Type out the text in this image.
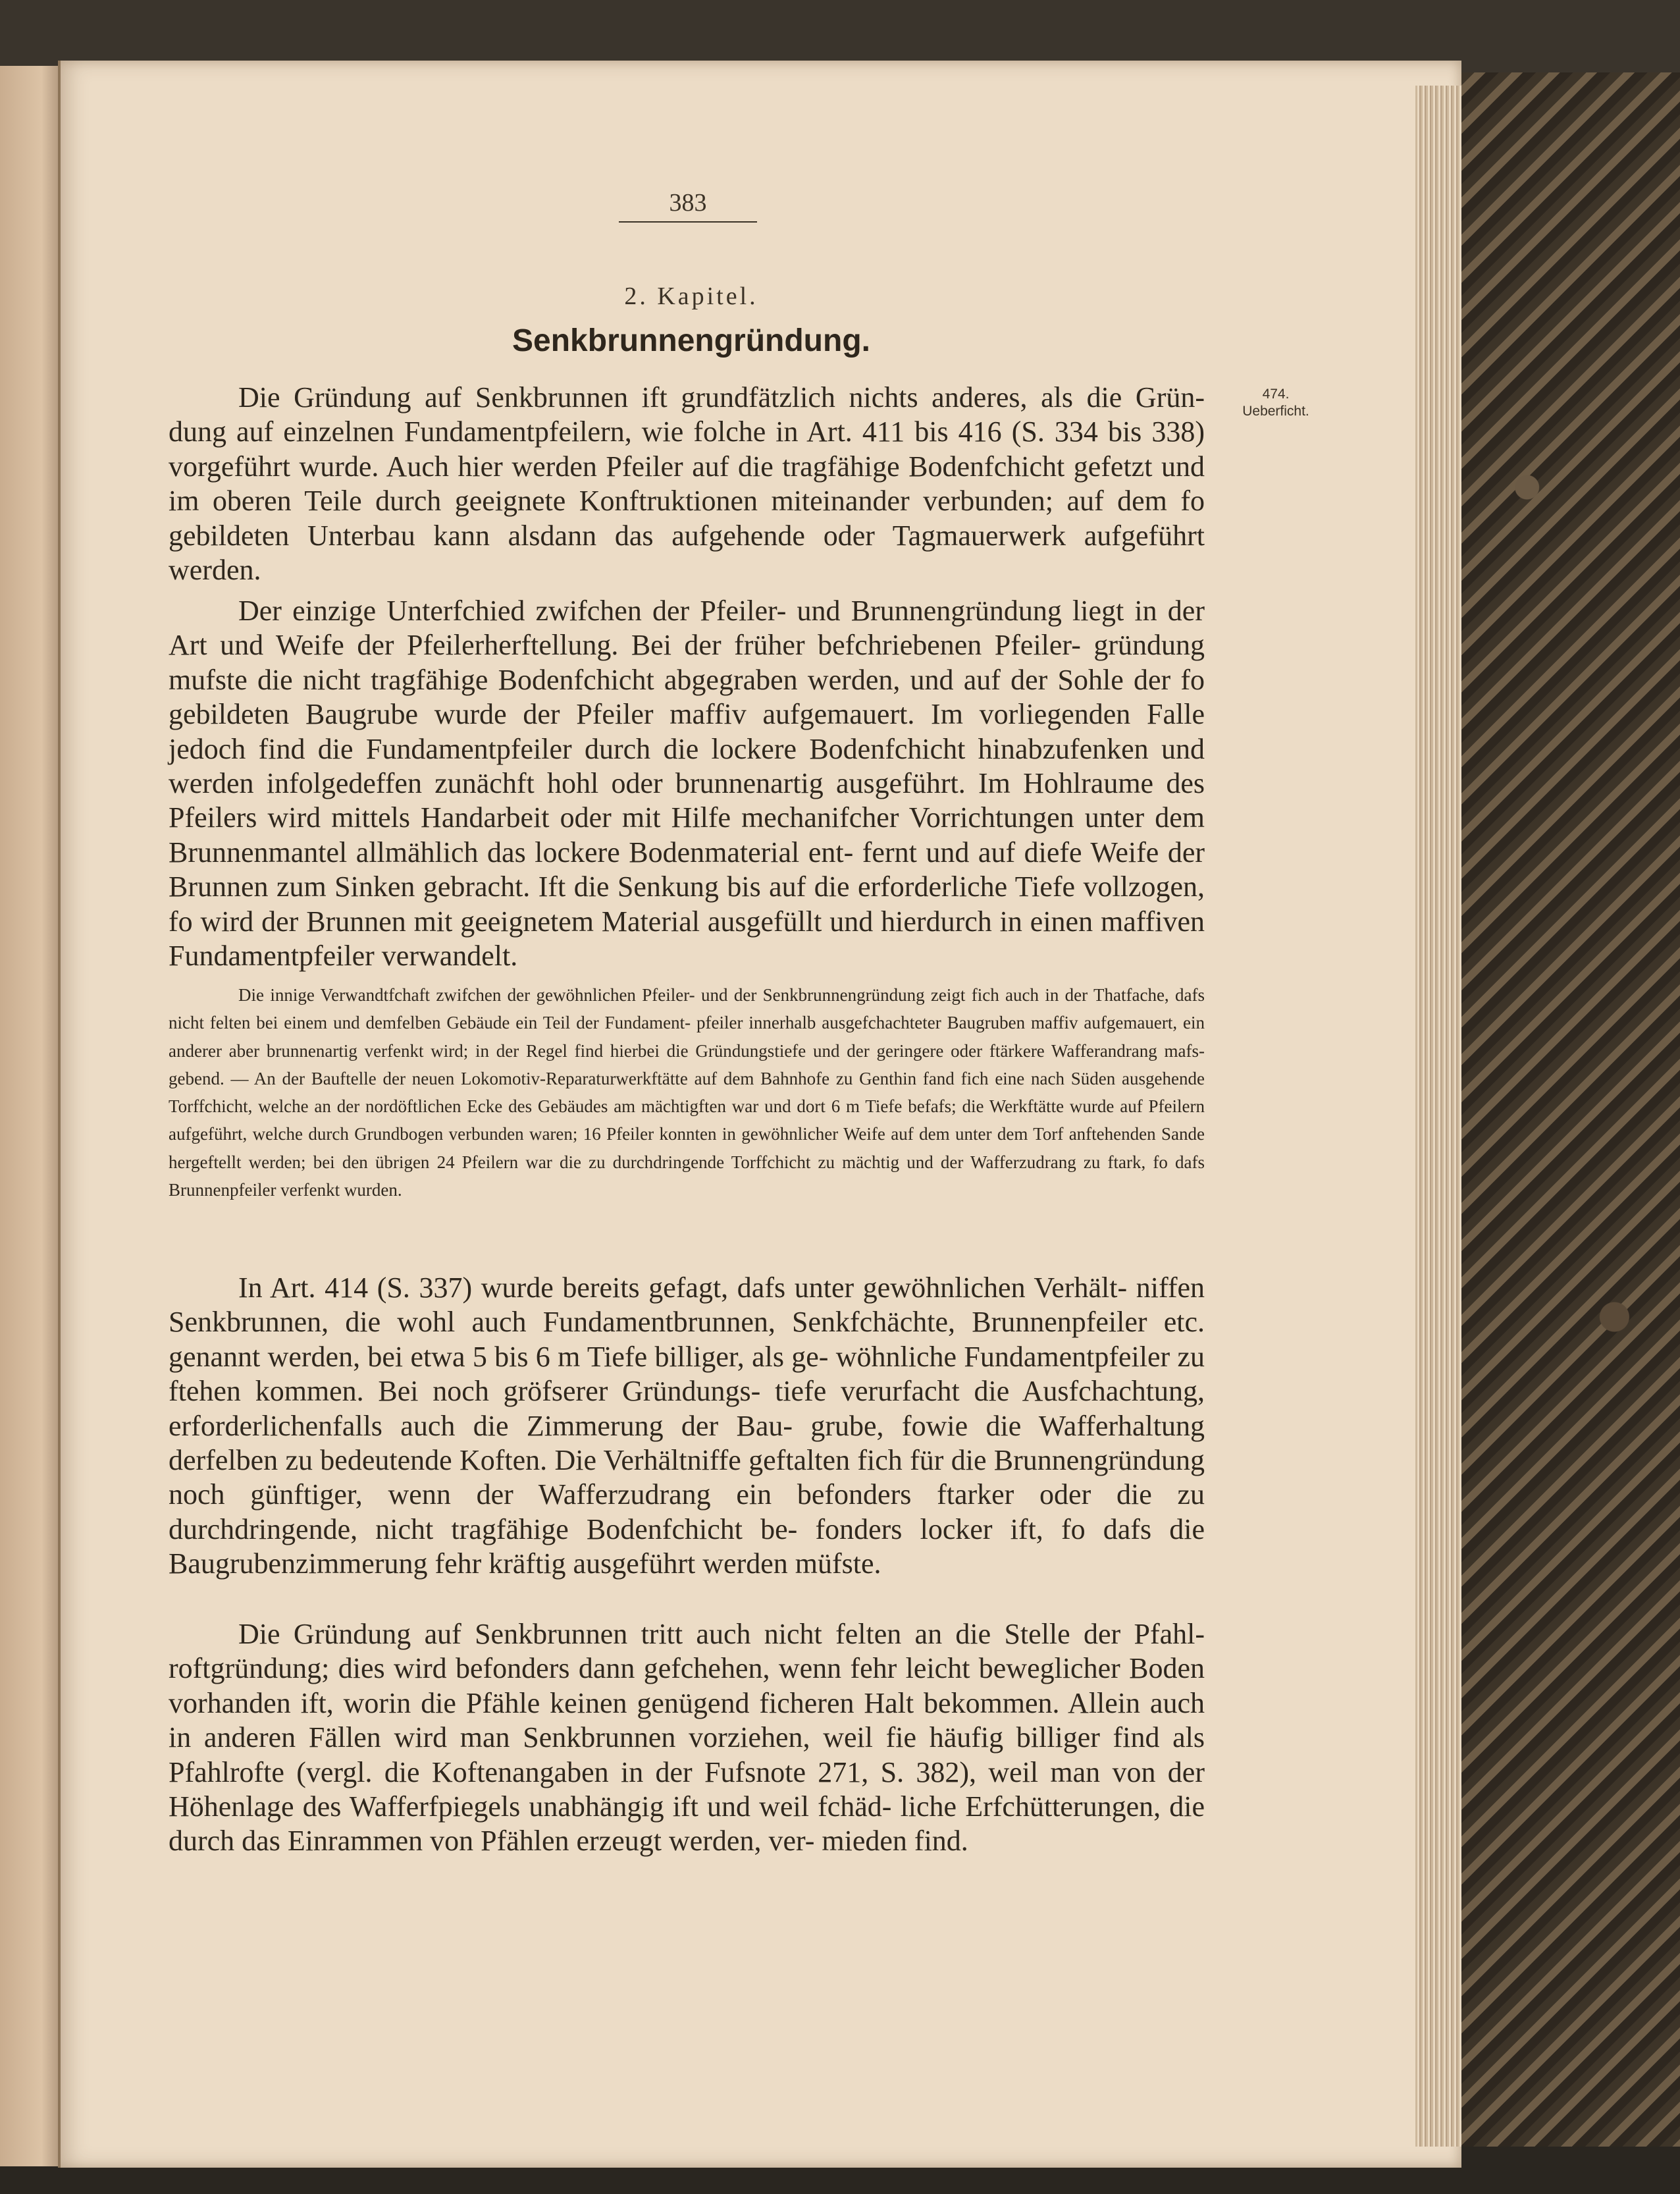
383
2. Kapitel.
Senkbrunnengründung.
474.
Ueberficht.

Die Gründung auf Senkbrunnen ift grundfätzlich nichts anderes, als die Grün- dung auf einzelnen Fundamentpfeilern, wie folche in Art. 411 bis 416 (S. 334 bis 338) vorgeführt wurde. Auch hier werden Pfeiler auf die tragfähige Bodenfchicht gefetzt und im oberen Teile durch geeignete Konftruktionen miteinander verbunden; auf dem fo gebildeten Unterbau kann alsdann das aufgehende oder Tagmauerwerk aufgeführt werden.

Der einzige Unterfchied zwifchen der Pfeiler- und Brunnengründung liegt in der Art und Weife der Pfeilerherftellung. Bei der früher befchriebenen Pfeiler- gründung mufste die nicht tragfähige Bodenfchicht abgegraben werden, und auf der Sohle der fo gebildeten Baugrube wurde der Pfeiler maffiv aufgemauert. Im vorliegenden Falle jedoch find die Fundamentpfeiler durch die lockere Bodenfchicht hinabzufenken und werden infolgedeffen zunächft hohl oder brunnenartig ausgeführt. Im Hohlraume des Pfeilers wird mittels Handarbeit oder mit Hilfe mechanifcher Vorrichtungen unter dem Brunnenmantel allmählich das lockere Bodenmaterial ent- fernt und auf diefe Weife der Brunnen zum Sinken gebracht. Ift die Senkung bis auf die erforderliche Tiefe vollzogen, fo wird der Brunnen mit geeignetem Material ausgefüllt und hierdurch in einen maffiven Fundamentpfeiler verwandelt.

Die innige Verwandtfchaft zwifchen der gewöhnlichen Pfeiler- und der Senkbrunnengründung zeigt fich auch in der Thatfache, dafs nicht felten bei einem und demfelben Gebäude ein Teil der Fundament- pfeiler innerhalb ausgefchachteter Baugruben maffiv aufgemauert, ein anderer aber brunnenartig verfenkt wird; in der Regel find hierbei die Gründungstiefe und der geringere oder ftärkere Wafferandrang mafs- gebend. — An der Bauftelle der neuen Lokomotiv-Reparaturwerkftätte auf dem Bahnhofe zu Genthin fand fich eine nach Süden ausgehende Torffchicht, welche an der nordöftlichen Ecke des Gebäudes am mächtigften war und dort 6 m Tiefe befafs; die Werkftätte wurde auf Pfeilern aufgeführt, welche durch Grundbogen verbunden waren; 16 Pfeiler konnten in gewöhnlicher Weife auf dem unter dem Torf anftehenden Sande hergeftellt werden; bei den übrigen 24 Pfeilern war die zu durchdringende Torffchicht zu mächtig und der Wafferzudrang zu ftark, fo dafs Brunnenpfeiler verfenkt wurden.

In Art. 414 (S. 337) wurde bereits gefagt, dafs unter gewöhnlichen Verhält- niffen Senkbrunnen, die wohl auch Fundamentbrunnen, Senkfchächte, Brunnenpfeiler etc. genannt werden, bei etwa 5 bis 6 m Tiefe billiger, als ge- wöhnliche Fundamentpfeiler zu ftehen kommen. Bei noch gröfserer Gründungs- tiefe verurfacht die Ausfchachtung, erforderlichenfalls auch die Zimmerung der Bau- grube, fowie die Wafferhaltung derfelben zu bedeutende Koften. Die Verhältniffe geftalten fich für die Brunnengründung noch günftiger, wenn der Wafferzudrang ein befonders ftarker oder die zu durchdringende, nicht tragfähige Bodenfchicht be- fonders locker ift, fo dafs die Baugrubenzimmerung fehr kräftig ausgeführt werden müfste.

Die Gründung auf Senkbrunnen tritt auch nicht felten an die Stelle der Pfahl- roftgründung; dies wird befonders dann gefchehen, wenn fehr leicht beweglicher Boden vorhanden ift, worin die Pfähle keinen genügend ficheren Halt bekommen. Allein auch in anderen Fällen wird man Senkbrunnen vorziehen, weil fie häufig billiger find als Pfahlrofte (vergl. die Koftenangaben in der Fufsnote 271, S. 382), weil man von der Höhenlage des Wafferfpiegels unabhängig ift und weil fchäd- liche Erfchütterungen, die durch das Einrammen von Pfählen erzeugt werden, ver- mieden find.
